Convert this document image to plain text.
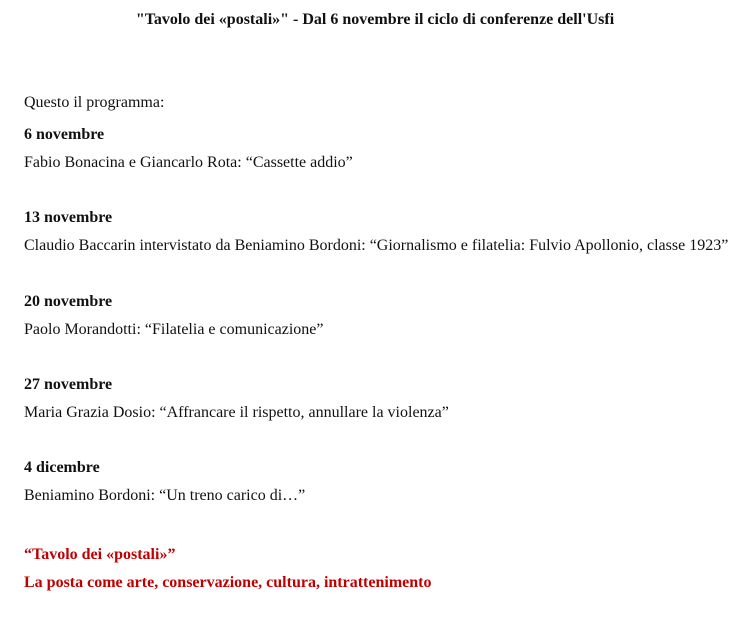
"Tavolo dei «postali»" - Dal 6 novembre il ciclo di conferenze dell'Usfi
Questo il programma:
6 novembre
Fabio Bonacina e Giancarlo Rota: “Cassette addio”
13 novembre
Claudio Baccarin intervistato da Beniamino Bordoni: “Giornalismo e filatelia: Fulvio Apollonio, classe 1923”
20 novembre
Paolo Morandotti: “Filatelia e comunicazione”
27 novembre
Maria Grazia Dosio: “Affrancare il rispetto, annullare la violenza”
4 dicembre
Beniamino Bordoni: “Un treno carico di…”
“Tavolo dei «postali»”
La posta come arte, conservazione, cultura, intrattenimento
